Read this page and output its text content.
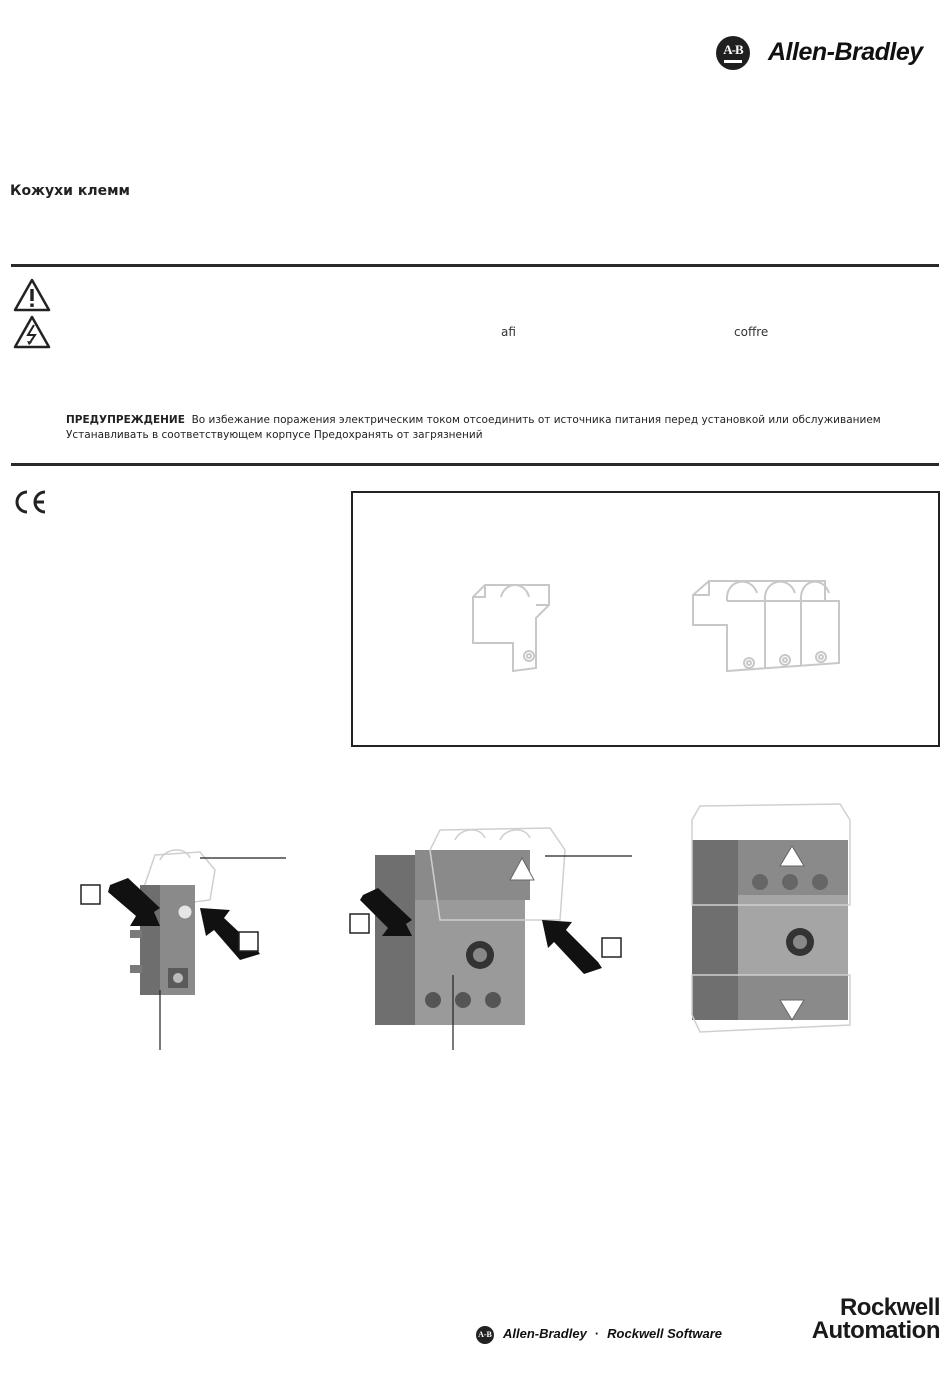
A-B Allen-Bradley
Кожухи клемм
afi	coffre
ПРЕДУПРЕЖДЕНИЕ Во избежание поражения электрическим током отсоединить от источника питания перед установкой или обслуживанием
Устанавливать в соответствующем корпусе Предохранять от загрязнений
A-B Allen-Bradley · Rockwell Software
Rockwell
Automation
